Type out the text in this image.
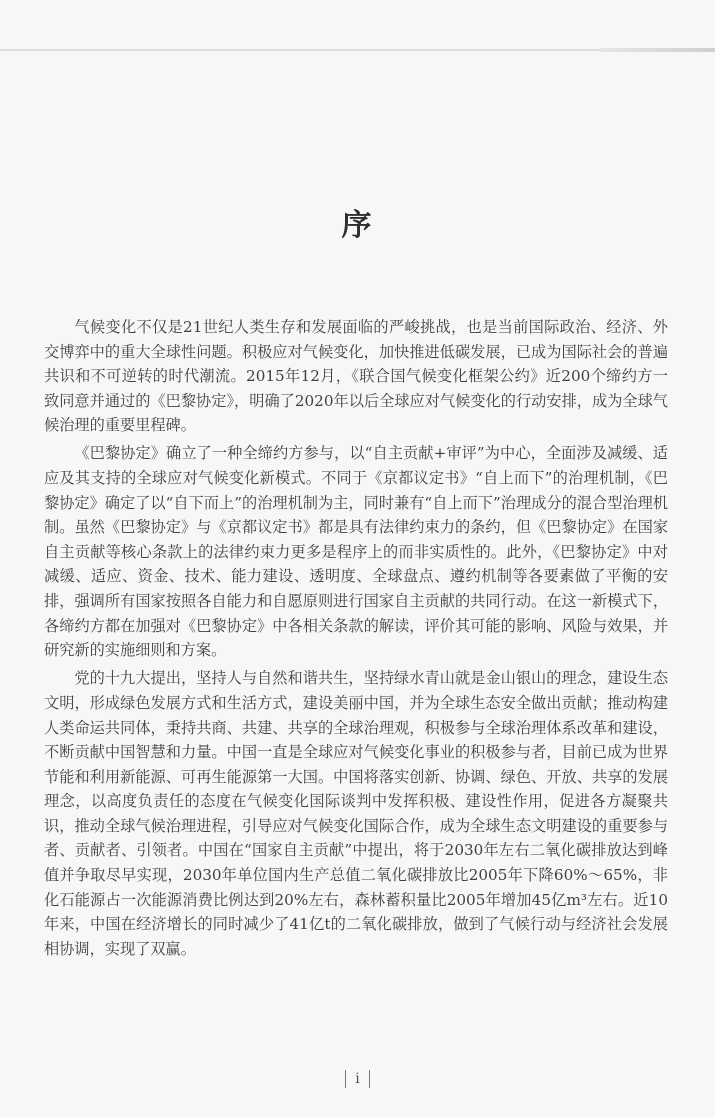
序

气候变化不仅是21世纪人类生存和发展面临的严峻挑战，也是当前国际政治、经济、外交博弈中的重大全球性问题。积极应对气候变化，加快推进低碳发展，已成为国际社会的普遍共识和不可逆转的时代潮流。2015年12月，《联合国气候变化框架公约》近200个缔约方一致同意并通过的《巴黎协定》，明确了2020年以后全球应对气候变化的行动安排，成为全球气候治理的重要里程碑。

《巴黎协定》确立了一种全缔约方参与，以“自主贡献+审评”为中心，全面涉及减缓、适应及其支持的全球应对气候变化新模式。不同于《京都议定书》“自上而下”的治理机制，《巴黎协定》确定了以“自下而上”的治理机制为主，同时兼有“自上而下”治理成分的混合型治理机制。虽然《巴黎协定》与《京都议定书》都是具有法律约束力的条约，但《巴黎协定》在国家自主贡献等核心条款上的法律约束力更多是程序上的而非实质性的。此外，《巴黎协定》中对减缓、适应、资金、技术、能力建设、透明度、全球盘点、遵约机制等各要素做了平衡的安排，强调所有国家按照各自能力和自愿原则进行国家自主贡献的共同行动。在这一新模式下，各缔约方都在加强对《巴黎协定》中各相关条款的解读，评价其可能的影响、风险与效果，并研究新的实施细则和方案。

党的十九大提出，坚持人与自然和谐共生，坚持绿水青山就是金山银山的理念，建设生态文明，形成绿色发展方式和生活方式，建设美丽中国，并为全球生态安全做出贡献；推动构建人类命运共同体，秉持共商、共建、共享的全球治理观，积极参与全球治理体系改革和建设，不断贡献中国智慧和力量。中国一直是全球应对气候变化事业的积极参与者，目前已成为世界节能和利用新能源、可再生能源第一大国。中国将落实创新、协调、绿色、开放、共享的发展理念，以高度负责任的态度在气候变化国际谈判中发挥积极、建设性作用，促进各方凝聚共识，推动全球气候治理进程，引导应对气候变化国际合作，成为全球生态文明建设的重要参与者、贡献者、引领者。中国在“国家自主贡献”中提出，将于2030年左右二氧化碳排放达到峰值并争取尽早实现，2030年单位国内生产总值二氧化碳排放比2005年下降60%～65%，非化石能源占一次能源消费比例达到20%左右，森林蓄积量比2005年增加45亿m³左右。近10年来，中国在经济增长的同时减少了41亿t的二氧化碳排放，做到了气候行动与经济社会发展相协调，实现了双赢。

i
